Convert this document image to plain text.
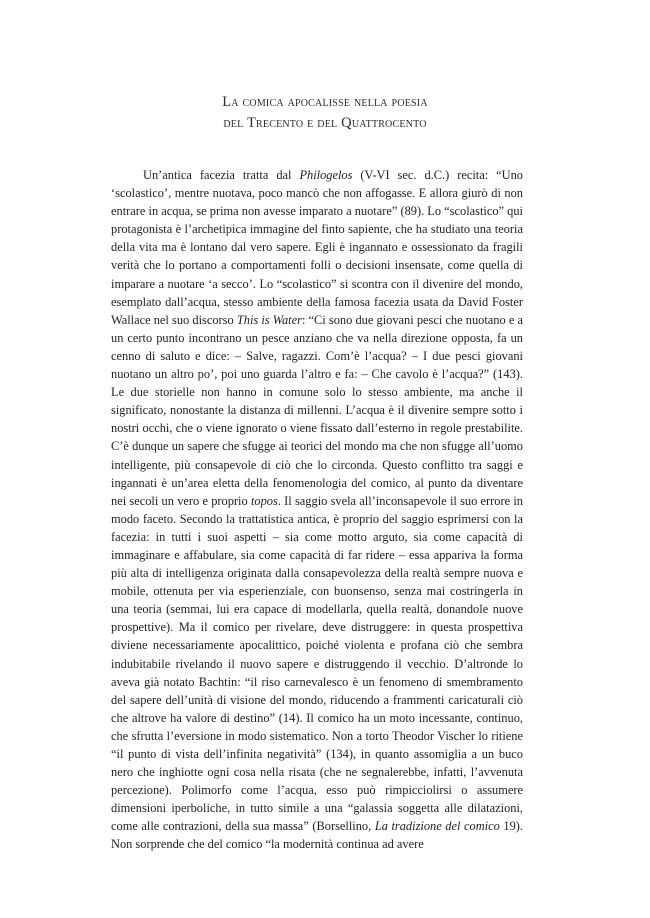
La comica apocalisse nella poesia
del Trecento e del Quattrocento

Un’antica facezia tratta dal Philogelos (V-VI sec. d.C.) recita: “Uno ‘scolastico’, mentre nuotava, poco mancò che non affogasse. E allora giurò di non entrare in acqua, se prima non avesse imparato a nuotare” (89). Lo “scolastico” qui protagonista è l’archetipica immagine del finto sapiente, che ha studiato una teoria della vita ma è lontano dal vero sapere. Egli è ingannato e ossessionato da fragili verità che lo portano a comportamenti folli o decisioni insensate, come quella di imparare a nuotare ‘a secco’. Lo “scolastico” si scontra con il divenire del mondo, esemplato dall’acqua, stesso ambiente della famosa facezia usata da David Foster Wallace nel suo discorso This is Water: “Ci sono due giovani pesci che nuotano e a un certo punto incontrano un pesce anziano che va nella direzione opposta, fa un cenno di saluto e dice: – Salve, ragazzi. Com’è l’acqua? – I due pesci giovani nuotano un altro po’, poi uno guarda l’altro e fa: – Che cavolo è l’acqua?” (143). Le due storielle non hanno in comune solo lo stesso ambiente, ma anche il significato, nonostante la distanza di millenni. L’acqua è il divenire sempre sotto i nostri occhi, che o viene ignorato o viene fissato dall’esterno in regole prestabilite. C’è dunque un sapere che sfugge ai teorici del mondo ma che non sfugge all’uomo intelligente, più consapevole di ciò che lo circonda. Questo conflitto tra saggi e ingannati è un’area eletta della fenomenologia del comico, al punto da diventare nei secoli un vero e proprio topos. Il saggio svela all’inconsapevole il suo errore in modo faceto. Secondo la trattatistica antica, è proprio del saggio esprimersi con la facezia: in tutti i suoi aspetti – sia come motto arguto, sia come capacità di immaginare e affabulare, sia come capacità di far ridere – essa appariva la forma più alta di intelligenza originata dalla consapevolezza della realtà sempre nuova e mobile, ottenuta per via esperienziale, con buonsenso, senza mai costringerla in una teoria (semmai, lui era capace di modellarla, quella realtà, donandole nuove prospettive). Ma il comico per rivelare, deve distruggere: in questa prospettiva diviene necessariamente apocalittico, poiché violenta e profana ciò che sembra indubitabile rivelando il nuovo sapere e distruggendo il vecchio. D’altronde lo aveva già notato Bachtin: “il riso carnevalesco è un fenomeno di smembramento del sapere dell’unità di visione del mondo, riducendo a frammenti caricaturali ciò che altrove ha valore di destino” (14). Il comico ha un moto incessante, continuo, che sfrutta l’eversione in modo sistematico. Non a torto Theodor Vischer lo ritiene “il punto di vista dell’infinita negatività” (134), in quanto assomiglia a un buco nero che inghiotte ogni cosa nella risata (che ne segnalerebbe, infatti, l’avvenuta percezione). Polimorfo come l’acqua, esso può rimpicciolirsi o assumere dimensioni iperboliche, in tutto simile a una “galassia soggetta alle dilatazioni, come alle contrazioni, della sua massa” (Borsellino, La tradizione del comico 19). Non sorprende che del comico “la modernità continua ad avere
